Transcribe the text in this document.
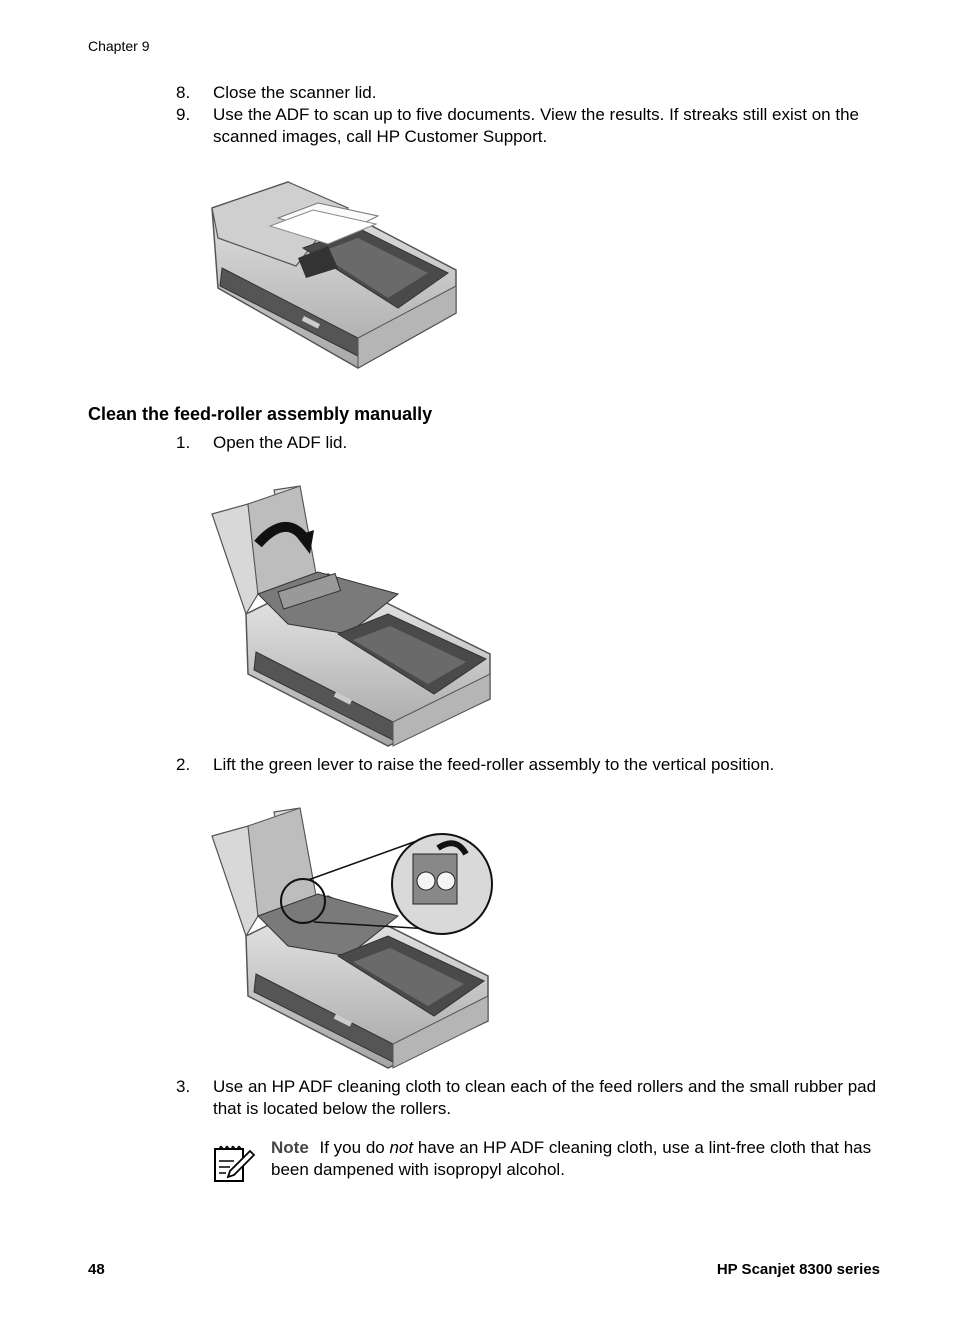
Chapter 9
8. Close the scanner lid.
9. Use the ADF to scan up to five documents. View the results. If streaks still exist on the scanned images, call HP Customer Support.
Clean the feed-roller assembly manually
1. Open the ADF lid.
2. Lift the green lever to raise the feed-roller assembly to the vertical position.
3. Use an HP ADF cleaning cloth to clean each of the feed rollers and the small rubber pad that is located below the rollers.
Note If you do not have an HP ADF cleaning cloth, use a lint-free cloth that has been dampened with isopropyl alcohol.
48	HP Scanjet 8300 series
